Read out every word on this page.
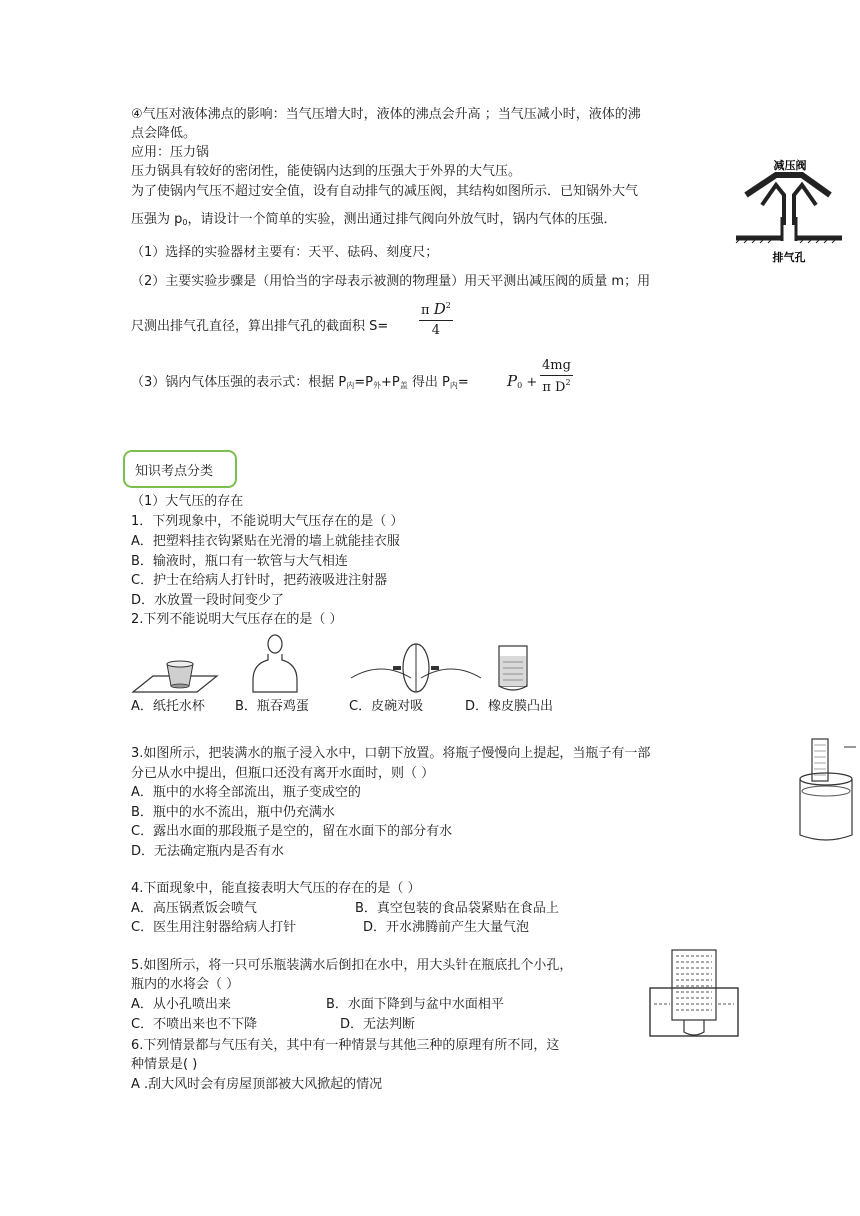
④气压对液体沸点的影响：当气压增大时，液体的沸点会升高 ；当气压减小时，液体的沸
点会降低。
应用：压力锅
压力锅具有较好的密闭性，能使锅内达到的压强大于外界的大气压。
为了使锅内气压不超过安全值，设有自动排气的减压阀，其结构如图所示．已知锅外大气
压强为 $p_0$，请设计一个简单的实验，测出通过排气阀向外放气时，锅内气体的压强．
（1）选择的实验器材主要有：天平、砝码、刻度尺；
（2）主要实验步骤是（用恰当的字母表示被测的物理量）用天平测出减压阀的质量 m；用
尺测出排气孔直径，算出排气孔的截面积 $S= \frac{\pi D^2}{4}$
（3）锅内气体压强的表示式：根据 $P_内=P_外+P_盖$ 得出 $P_内=$	$P_0 + \frac{4mg}{\pi D^2}$
减压阀
排气孔
知识考点分类
（1）大气压的存在
1．下列现象中，不能说明大气压存在的是（ ）
A．把塑料挂衣钩紧贴在光滑的墙上就能挂衣服
B．输液时，瓶口有一软管与大气相连
C．护士在给病人打针时，把药液吸进注射器
D．水放置一段时间变少了
2.下列不能说明大气压存在的是（ ）
A．纸托水杯 B．瓶吞鸡蛋	C．皮碗对吸	D．橡皮膜凸出
3.如图所示，把装满水的瓶子浸入水中，口朝下放置。将瓶子慢慢向上提起，当瓶子有一部
分已从水中提出，但瓶口还没有离开水面时，则（ ）
A．瓶中的水将全部流出，瓶子变成空的
B．瓶中的水不流出，瓶中仍充满水
C．露出水面的那段瓶子是空的，留在水面下的部分有水
D．无法确定瓶内是否有水
4.下面现象中，能直接表明大气压的存在的是（ ）
A．高压锅煮饭会喷气	B．真空包装的食品袋紧贴在食品上
C．医生用注射器给病人打针	D．开水沸腾前产生大量气泡
5.如图所示，将一只可乐瓶装满水后倒扣在水中，用大头针在瓶底扎个小孔，
瓶内的水将会（ ）
A．从小孔喷出来	B．水面下降到与盆中水面相平
C．不喷出来也不下降	D．无法判断
6.下列情景都与气压有关，其中有一种情景与其他三种的原理有所不同，这
种情景是( )
A .刮大风时会有房屋顶部被大风掀起的情况
